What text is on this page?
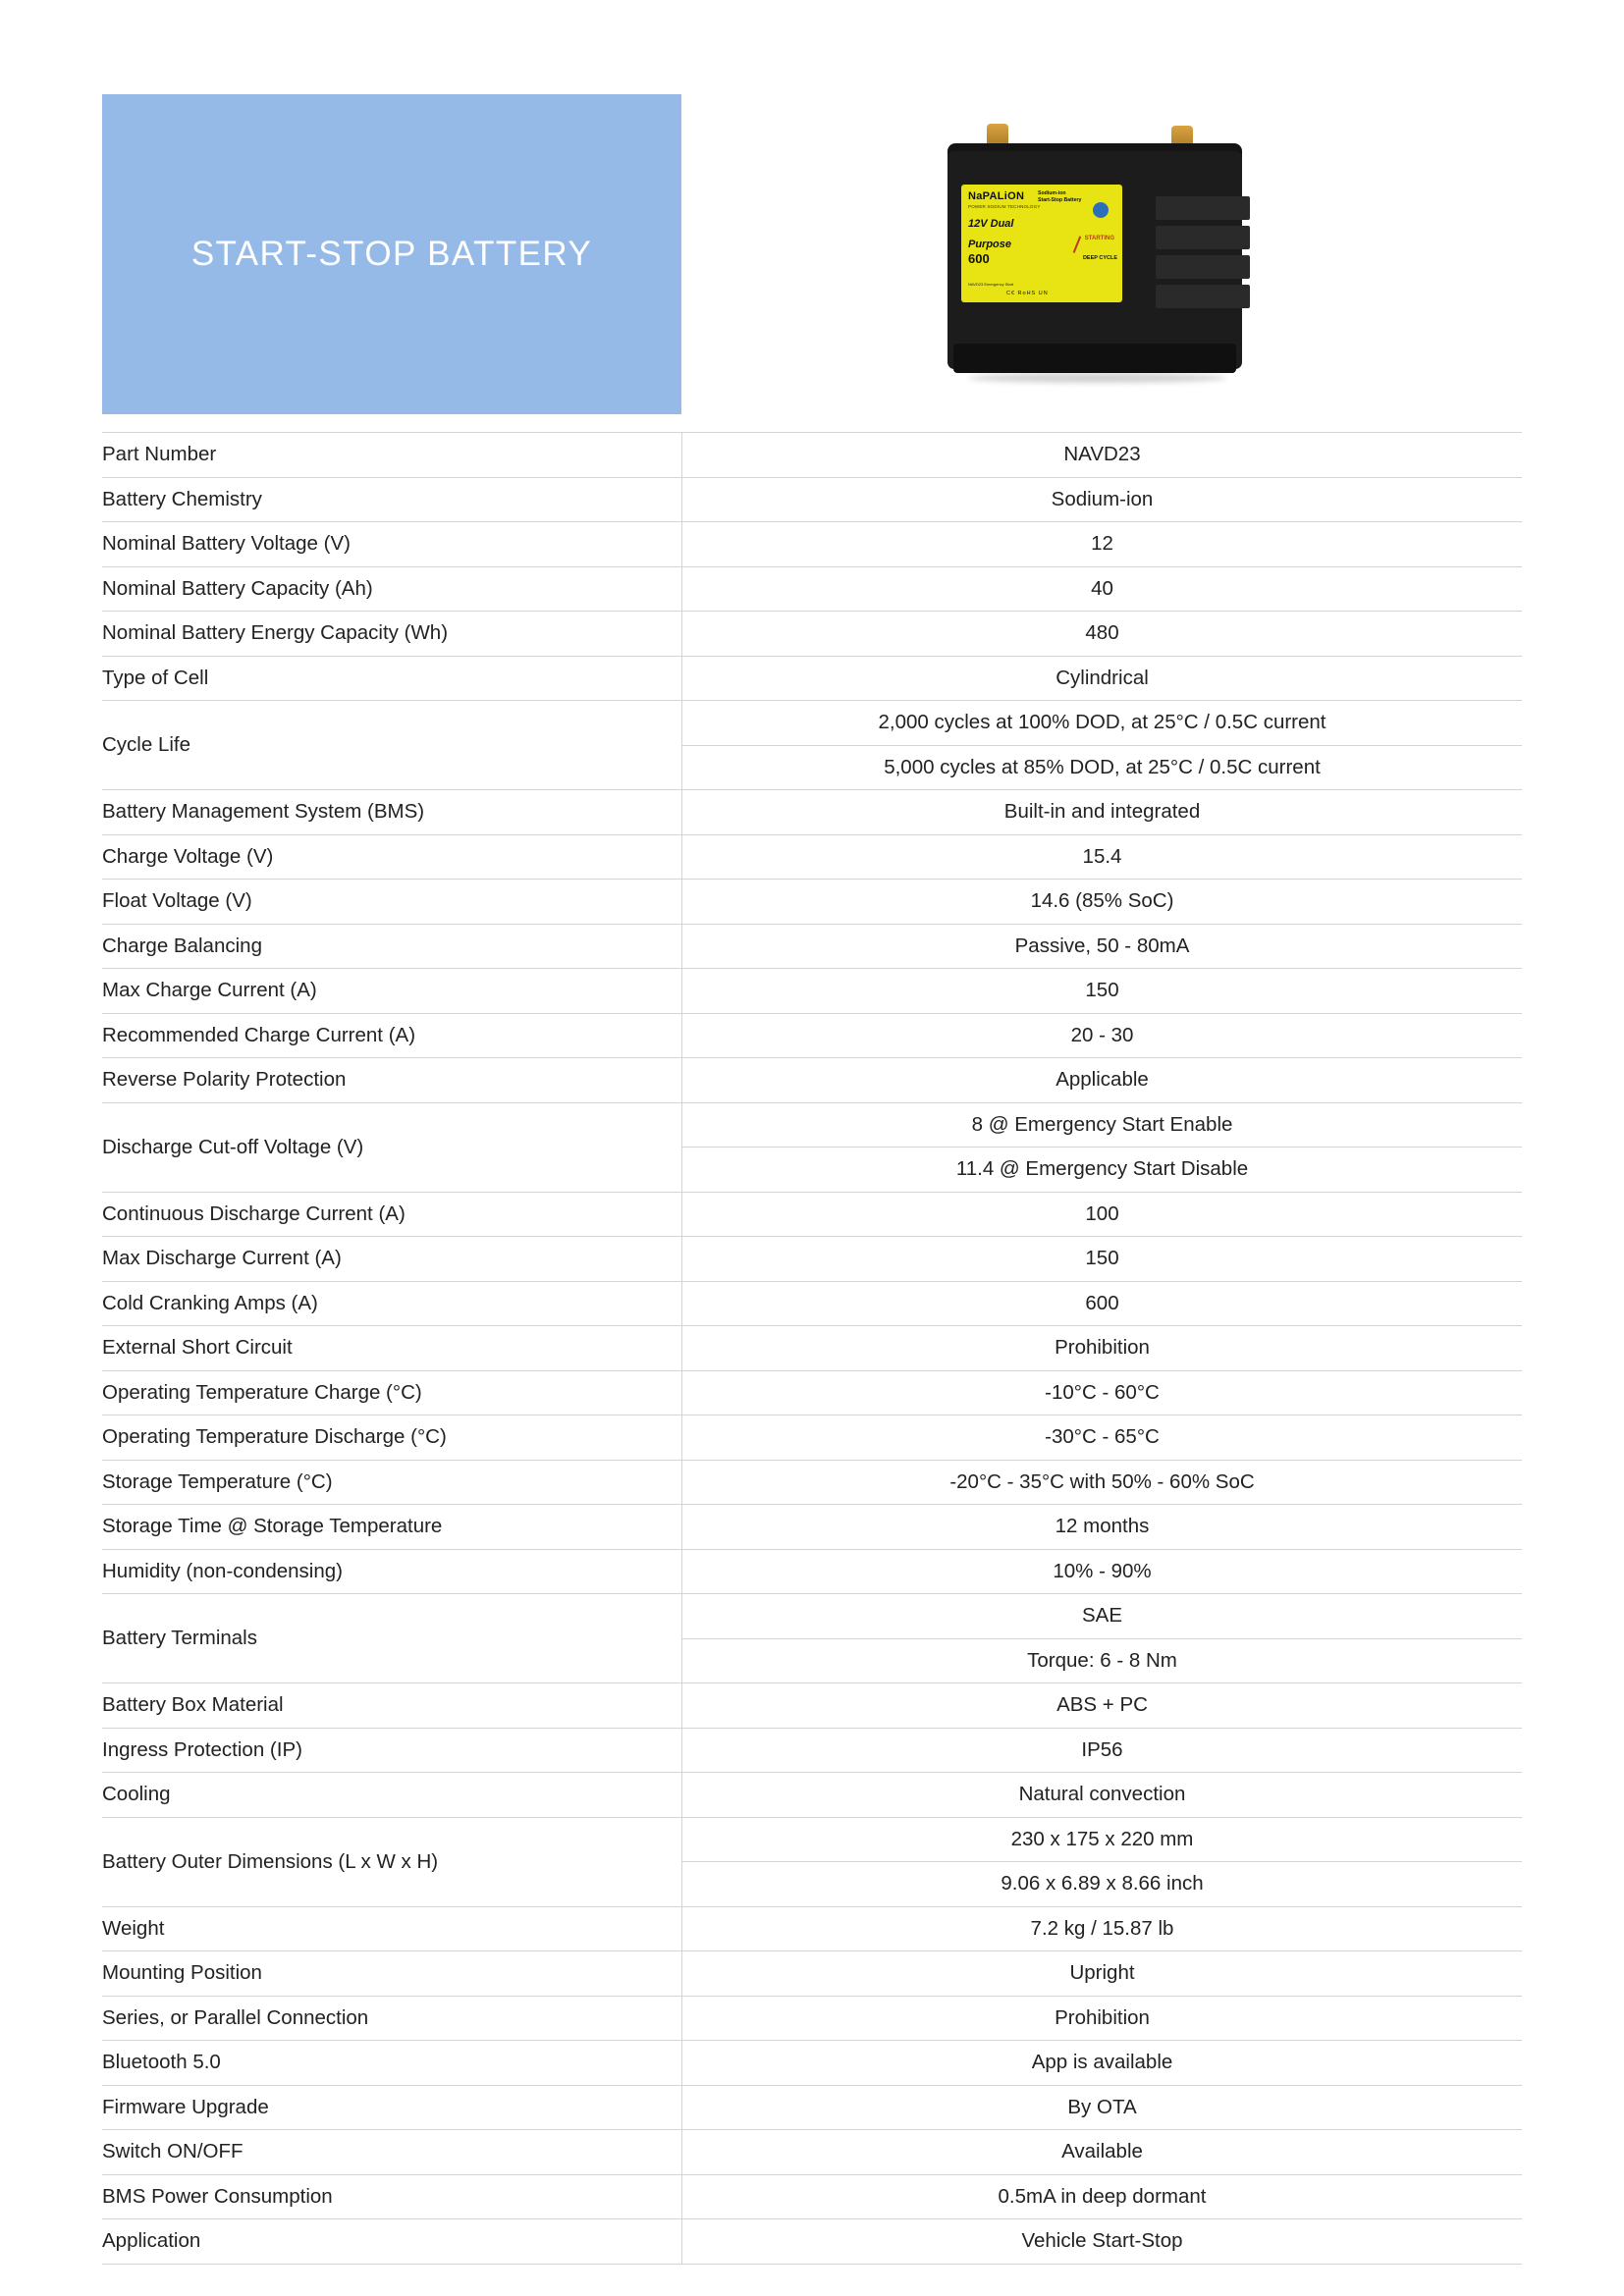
START-STOP BATTERY
NaPALiON
POWER SODIUM TECHNOLOGY
12V Dual
Purpose
600
Sodium-ion
Start-Stop Battery
STARTING
DEEP CYCLE
NAVD23 Emergency Start
C€ RoHS UN
Part Number	NAVD23
Battery Chemistry	Sodium-ion
Nominal Battery Voltage (V)	12
Nominal Battery Capacity (Ah)	40
Nominal Battery Energy Capacity (Wh)	480
Type of Cell	Cylindrical
Cycle Life	2,000 cycles at 100% DOD, at 25°C / 0.5C current
	5,000 cycles at 85% DOD, at 25°C / 0.5C current
Battery Management System (BMS)	Built-in and integrated
Charge Voltage (V)	15.4
Float Voltage (V)	14.6 (85% SoC)
Charge Balancing	Passive, 50 - 80mA
Max Charge Current (A)	150
Recommended Charge Current (A)	20 - 30
Reverse Polarity Protection	Applicable
Discharge Cut-off Voltage (V)	8 @ Emergency Start Enable
	11.4 @ Emergency Start Disable
Continuous Discharge Current (A)	100
Max Discharge Current (A)	150
Cold Cranking Amps (A)	600
External Short Circuit	Prohibition
Operating Temperature Charge (°C)	-10°C - 60°C
Operating Temperature Discharge (°C)	-30°C - 65°C
Storage Temperature (°C)	-20°C - 35°C with 50% - 60% SoC
Storage Time @ Storage Temperature	12 months
Humidity (non-condensing)	10% - 90%
Battery Terminals	SAE
	Torque: 6 - 8 Nm
Battery Box Material	ABS + PC
Ingress Protection (IP)	IP56
Cooling	Natural convection
Battery Outer Dimensions (L x W x H)	230 x 175 x 220 mm
	9.06 x 6.89 x 8.66 inch
Weight	7.2 kg / 15.87 lb
Mounting Position	Upright
Series, or Parallel Connection	Prohibition
Bluetooth 5.0	App is available
Firmware Upgrade	By OTA
Switch ON/OFF	Available
BMS Power Consumption	0.5mA in deep dormant
Application	Vehicle Start-Stop
